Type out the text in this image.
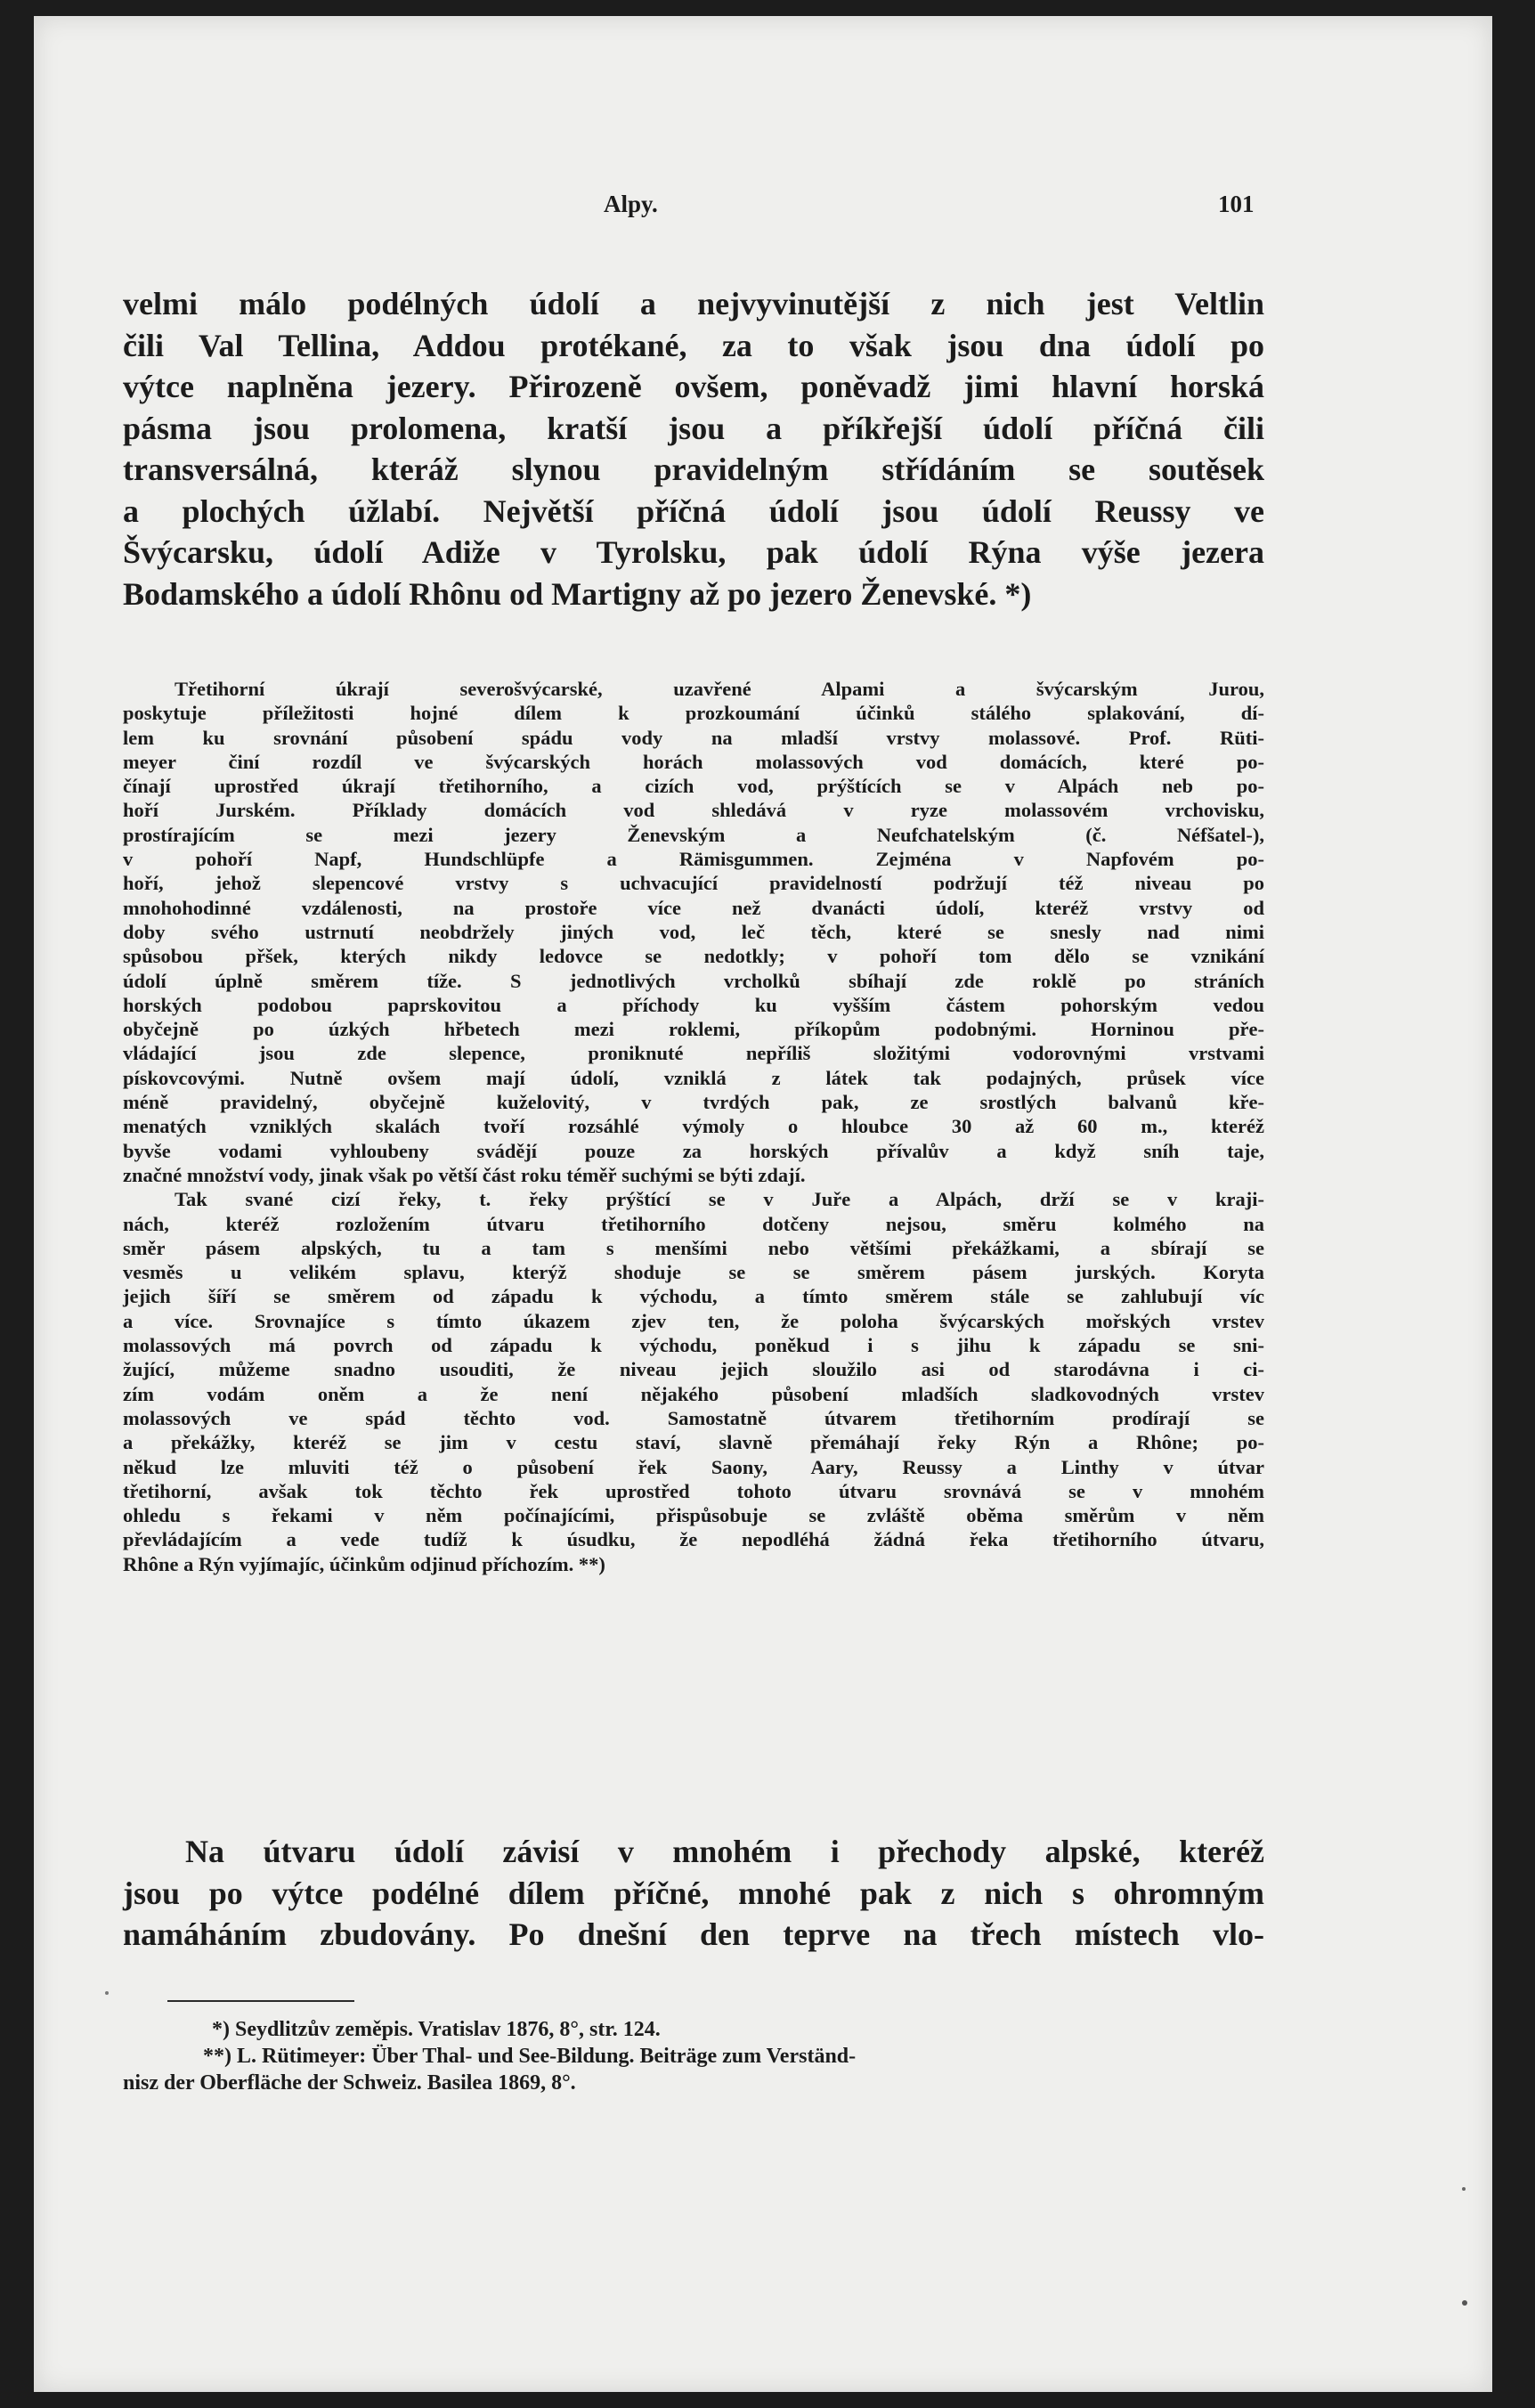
Alpy.	101
velmi málo podélných údolí a nejvyvinutější z nich jest Veltlin
čili Val Tellina, Addou protékané, za to však jsou dna údolí po
výtce naplněna jezery. Přirozeně ovšem, poněvadž jimi hlavní horská
pásma jsou prolomena, kratší jsou a příkřejší údolí příčná čili
transversálná, kteráž slynou pravidelným střídáním se soutěsek
a plochých úžlabí. Největší příčná údolí jsou údolí Reussy ve
Švýcarsku, údolí Adiže v Tyrolsku, pak údolí Rýna výše jezera
Bodamského a údolí Rhônu od Martigny až po jezero Ženevské. *)
Třetihorní úkrají severošvýcarské, uzavřené Alpami a švýcarským Jurou,
poskytuje příležitosti hojné dílem k prozkoumání účinků stálého splakování, dí-
lem ku srovnání působení spádu vody na mladší vrstvy molassové. Prof. Rüti-
meyer činí rozdíl ve švýcarských horách molassových vod domácích, které po-
čínají uprostřed úkrají třetihorního, a cizích vod, prýštících se v Alpách neb po-
hoří Jurském. Příklady domácích vod shledává v ryze molassovém vrchovisku,
prostírajícím se mezi jezery Ženevským a Neufchatelským (č. Néfšatel-),
v pohoří Napf, Hundschlüpfe a Rämisgummen. Zejména v Napfovém po-
hoří, jehož slepencové vrstvy s uchvacující pravidelností podržují též niveau po
mnohohodinné vzdálenosti, na prostoře více než dvanácti údolí, kteréž vrstvy od
doby svého ustrnutí neobdržely jiných vod, leč těch, které se snesly nad nimi
spůsobou přšek, kterých nikdy ledovce se nedotkly; v pohoří tom dělo se vznikání
údolí úplně směrem tíže. S jednotlivých vrcholků sbíhají zde roklě po stráních
horských podobou paprskovitou a příchody ku vyšším částem pohorským vedou
obyčejně po úzkých hřbetech mezi roklemi, příkopům podobnými. Horninou pře-
vládající jsou zde slepence, proniknuté nepříliš složitými vodorovnými vrstvami
pískovcovými. Nutně ovšem mají údolí, vzniklá z látek tak podajných, průsek více
méně pravidelný, obyčejně kuželovitý, v tvrdých pak, ze srostlých balvanů kře-
menatých vzniklých skalách tvoří rozsáhlé výmoly o hloubce 30 až 60 m., kteréž
byvše vodami vyhloubeny svádějí pouze za horských přívalův a když sníh taje,
značné množství vody, jinak však po větší část roku téměř suchými se býti zdají.
Tak svané cizí řeky, t. řeky prýštící se v Juře a Alpách, drží se v kraji-
nách, kteréž rozložením útvaru třetihorního dotčeny nejsou, směru kolmého na
směr pásem alpských, tu a tam s menšími nebo většími překážkami, a sbírají se
vesměs u velikém splavu, kterýž shoduje se se směrem pásem jurských. Koryta
jejich šíří se směrem od západu k východu, a tímto směrem stále se zahlubují víc
a více. Srovnajíce s tímto úkazem zjev ten, že poloha švýcarských mořských vrstev
molassových má povrch od západu k východu, poněkud i s jihu k západu se sni-
žující, můžeme snadno usouditi, že niveau jejich sloužilo asi od starodávna i ci-
zím vodám oněm a že není nějakého působení mladších sladkovodných vrstev
molassových ve spád těchto vod. Samostatně útvarem třetihorním prodírají se
a překážky, kteréž se jim v cestu staví, slavně přemáhají řeky Rýn a Rhône; po-
někud lze mluviti též o působení řek Saony, Aary, Reussy a Linthy v útvar
třetihorní, avšak tok těchto řek uprostřed tohoto útvaru srovnává se v mnohém
ohledu s řekami v něm počínajícími, přispůsobuje se zvláště oběma směrům v něm
převládajícím a vede tudíž k úsudku, že nepodléhá žádná řeka třetihorního útvaru,
Rhône a Rýn vyjímajíc, účinkům odjinud příchozím. **)
Na útvaru údolí závisí v mnohém i přechody alpské, kteréž
jsou po výtce podélné dílem příčné, mnohé pak z nich s ohromným
namáháním zbudovány. Po dnešní den teprve na třech místech vlo-
*) Seydlitzův zeměpis. Vratislav 1876, 8°, str. 124.
**) L. Rütimeyer: Über Thal- und See-Bildung. Beiträge zum Verständ-
nisz der Oberfläche der Schweiz. Basilea 1869, 8°.
